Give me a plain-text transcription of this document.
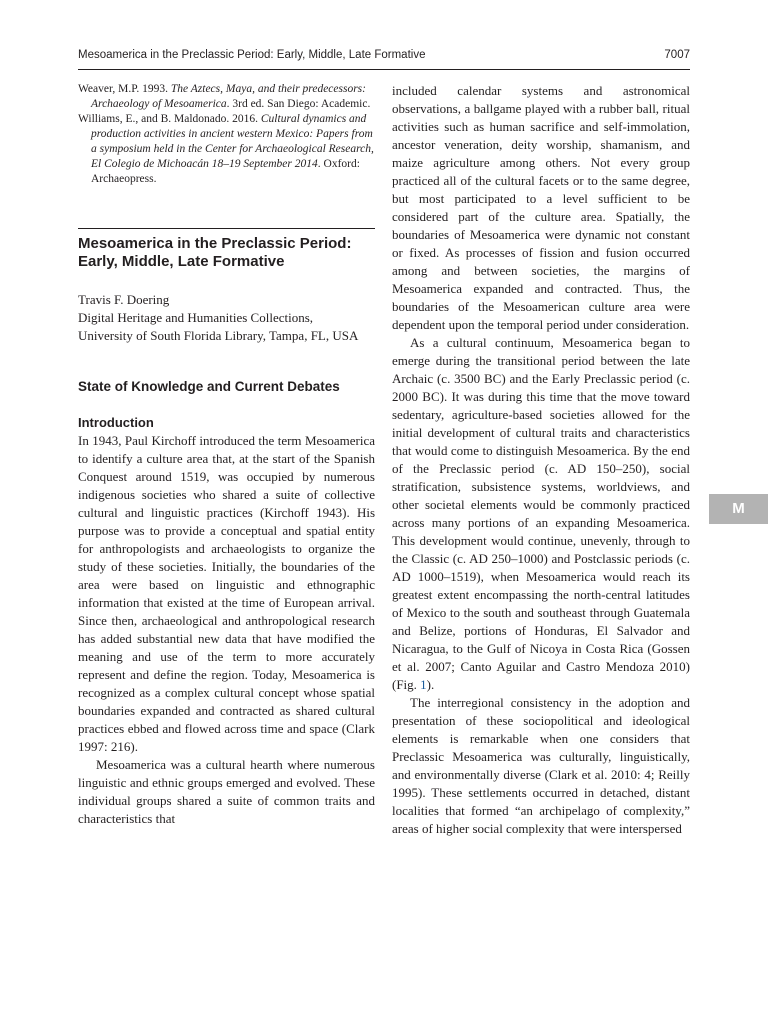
Mesoamerica in the Preclassic Period: Early, Middle, Late Formative	7007
M

Weaver, M.P. 1993. The Aztecs, Maya, and their predecessors: Archaeology of Mesoamerica. 3rd ed. San Diego: Academic.

Williams, E., and B. Maldonado. 2016. Cultural dynamics and production activities in ancient western Mexico: Papers from a symposium held in the Center for Archaeological Research, El Colegio de Michoacán 18–19 September 2014. Oxford: Archaeopress.

Mesoamerica in the Preclassic Period: Early, Middle, Late Formative
Travis F. Doering
Digital Heritage and Humanities Collections,
University of South Florida Library, Tampa, FL, USA
State of Knowledge and Current Debates
Introduction

In 1943, Paul Kirchoff introduced the term Mesoamerica to identify a culture area that, at the start of the Spanish Conquest around 1519, was occupied by numerous indigenous societies who shared a suite of collective cultural and linguistic practices (Kirchoff 1943). His purpose was to provide a conceptual and spatial entity for anthropologists and archaeologists to organize the study of these societies. Initially, the boundaries of the area were based on linguistic and ethnographic information that existed at the time of European arrival. Since then, archaeological and anthropological research has added substantial new data that have modified the meaning and use of the term to more accurately represent and define the region. Today, Mesoamerica is recognized as a complex cultural concept whose spatial boundaries expanded and contracted as shared cultural practices ebbed and flowed across time and space (Clark 1997: 216).

Mesoamerica was a cultural hearth where numerous linguistic and ethnic groups emerged and evolved. These individual groups shared a suite of common traits and characteristics that

included calendar systems and astronomical observations, a ballgame played with a rubber ball, ritual activities such as human sacrifice and self-immolation, ancestor veneration, deity worship, shamanism, and maize agriculture among others. Not every group practiced all of the cultural facets or to the same degree, but most participated to a level sufficient to be considered part of the culture area. Spatially, the boundaries of Mesoamerica were dynamic not constant or fixed. As processes of fission and fusion occurred among and between societies, the margins of Mesoamerica expanded and contracted. Thus, the boundaries of the Mesoamerican culture area were dependent upon the temporal period under consideration.

As a cultural continuum, Mesoamerica began to emerge during the transitional period between the late Archaic (c. 3500 BC) and the Early Preclassic period (c. 2000 BC). It was during this time that the move toward sedentary, agriculture-based societies allowed for the initial development of cultural traits and characteristics that would come to distinguish Mesoamerica. By the end of the Preclassic period (c. AD 150–250), social stratification, subsistence systems, worldviews, and other societal elements would be commonly practiced across many portions of an expanding Mesoamerica. This development would continue, unevenly, through to the Classic (c. AD 250–1000) and Postclassic periods (c. AD 1000–1519), when Mesoamerica would reach its greatest extent encompassing the north-central latitudes of Mexico to the south and southeast through Guatemala and Belize, portions of Honduras, El Salvador and Nicaragua, to the Gulf of Nicoya in Costa Rica (Gossen et al. 2007; Canto Aguilar and Castro Mendoza 2010) (Fig. 1).

The interregional consistency in the adoption and presentation of these sociopolitical and ideological elements is remarkable when one considers that Preclassic Mesoamerica was culturally, linguistically, and environmentally diverse (Clark et al. 2010: 4; Reilly 1995). These settlements occurred in detached, distant localities that formed “an archipelago of complexity,” areas of higher social complexity that were interspersed
